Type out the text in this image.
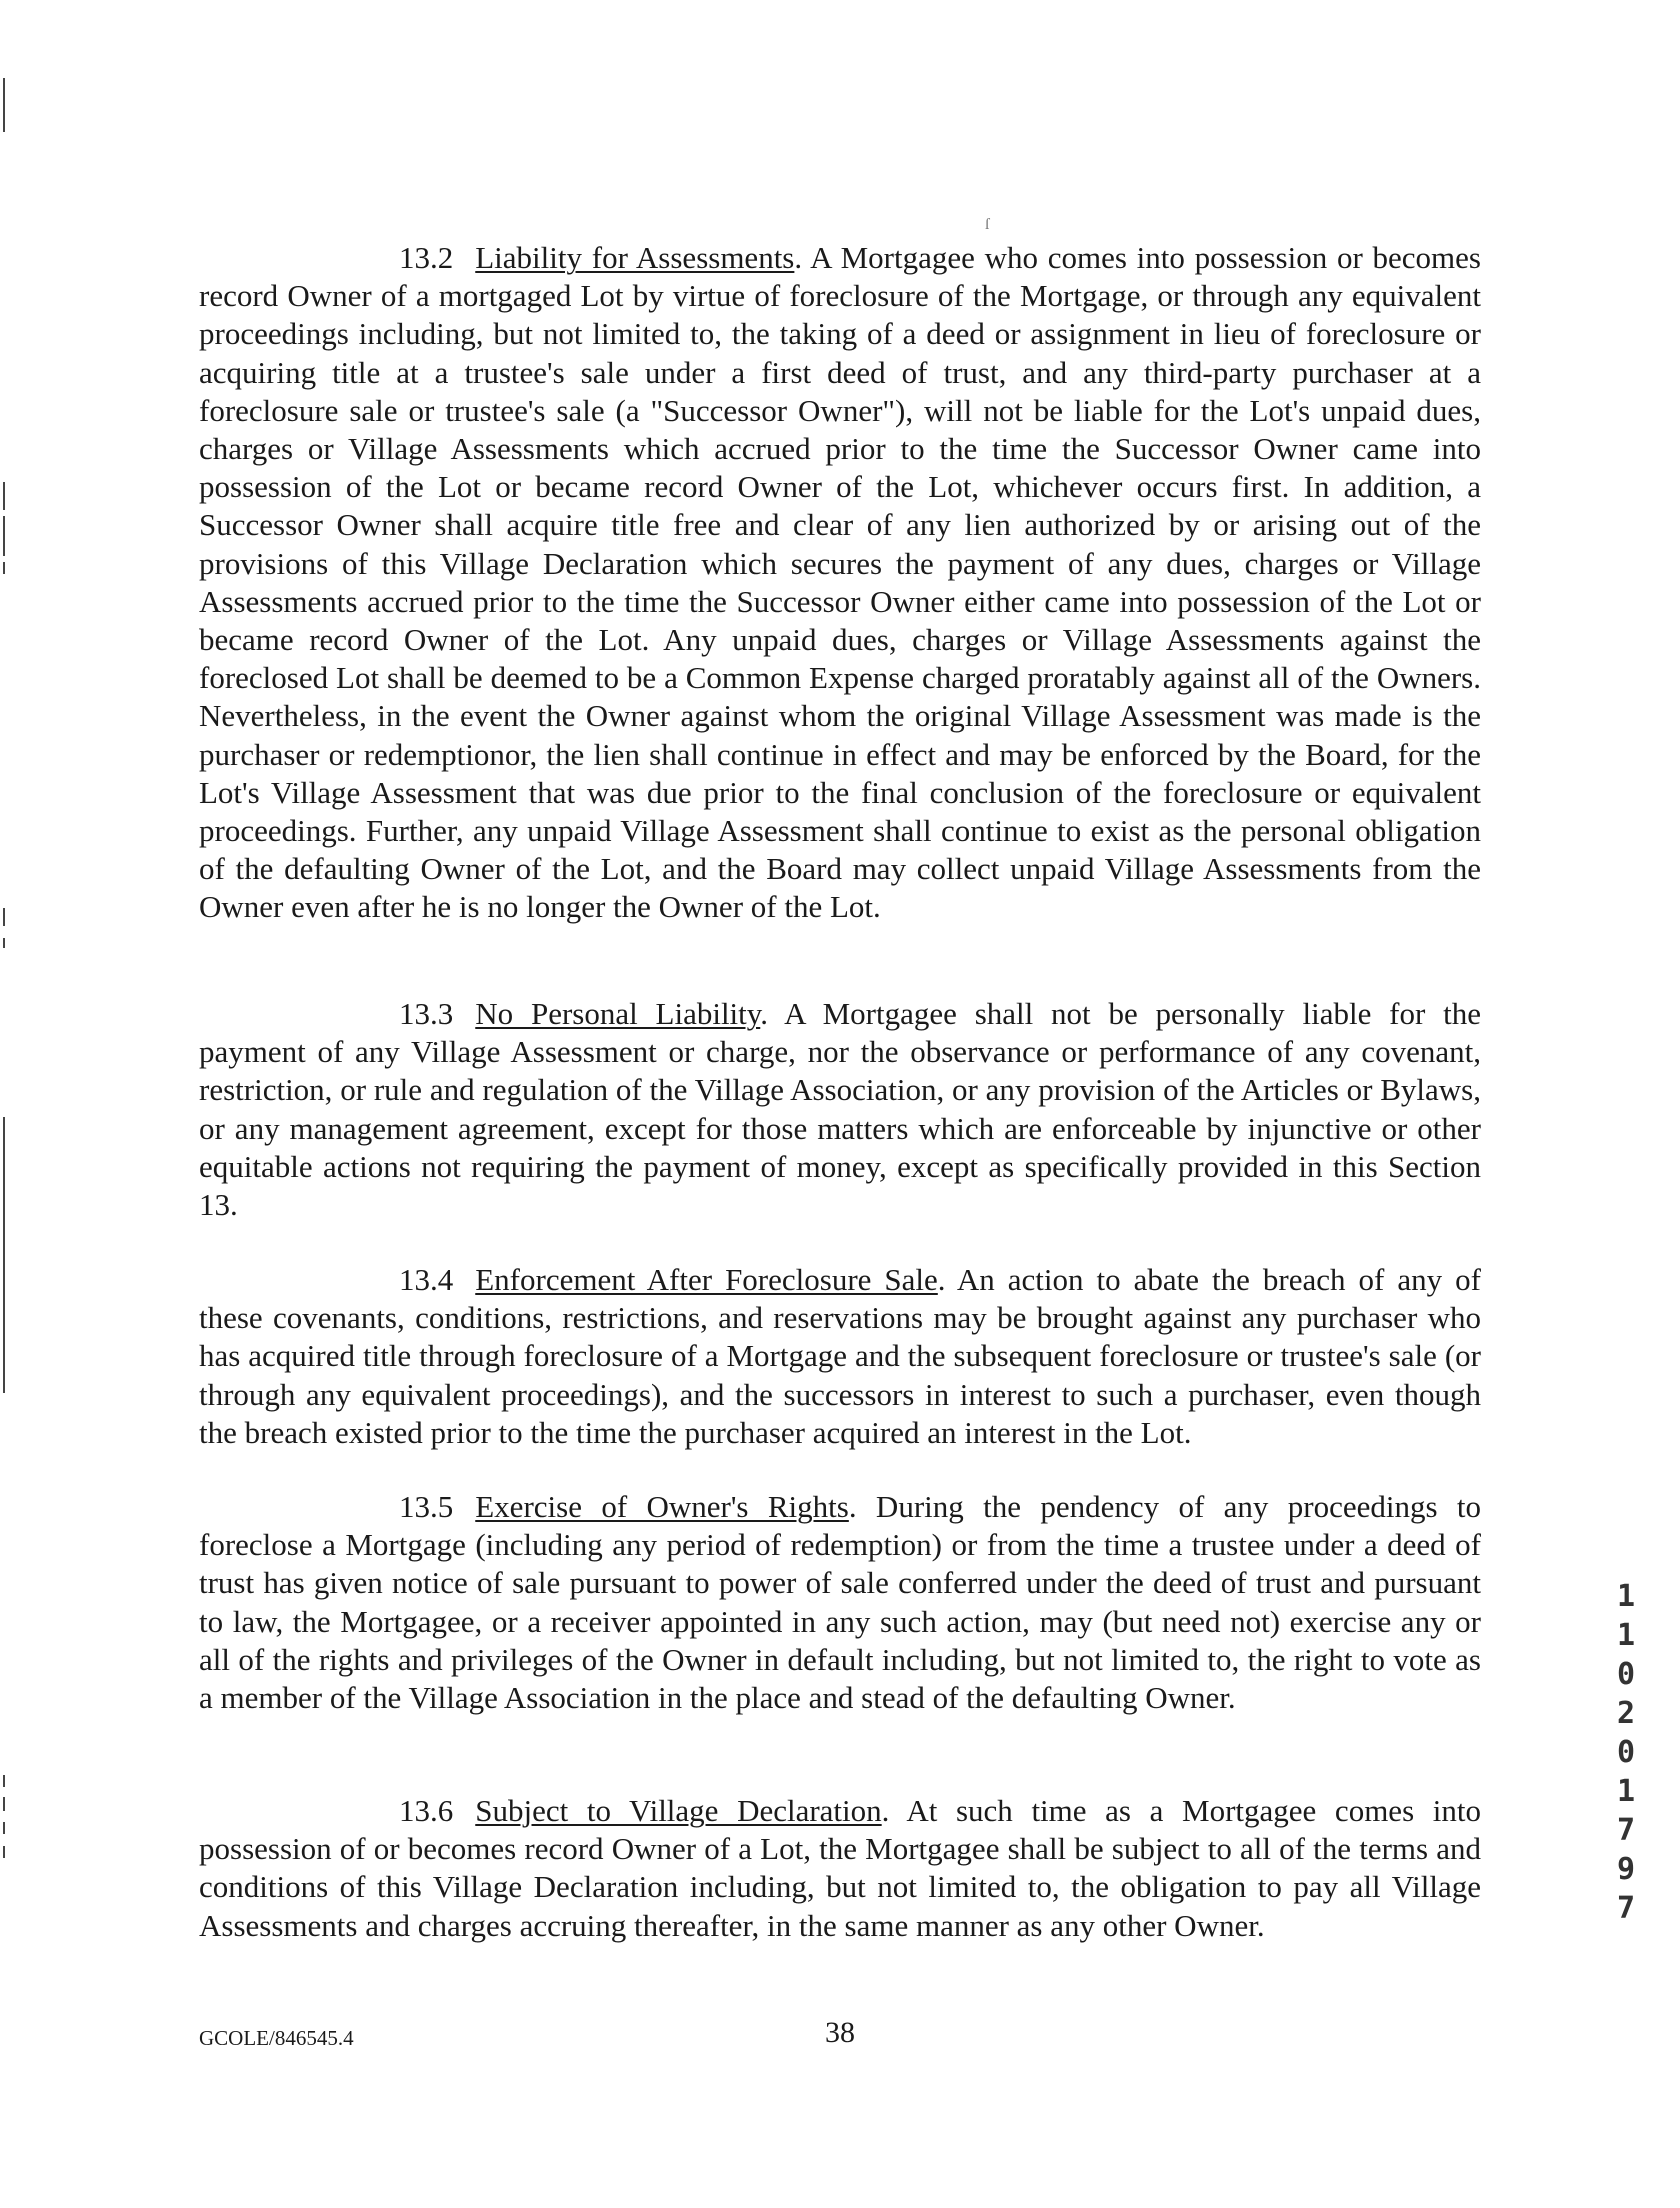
ſ

13.2 Liability for Assessments. A Mortgagee who comes into possession or becomes record Owner of a mortgaged Lot by virtue of foreclosure of the Mortgage, or through any equivalent proceedings including, but not limited to, the taking of a deed or assignment in lieu of foreclosure or acquiring title at a trustee's sale under a first deed of trust, and any third-party purchaser at a foreclosure sale or trustee's sale (a "Successor Owner"), will not be liable for the Lot's unpaid dues, charges or Village Assessments which accrued prior to the time the Successor Owner came into possession of the Lot or became record Owner of the Lot, whichever occurs first. In addition, a Successor Owner shall acquire title free and clear of any lien authorized by or arising out of the provisions of this Village Declaration which secures the payment of any dues, charges or Village Assessments accrued prior to the time the Successor Owner either came into possession of the Lot or became record Owner of the Lot. Any unpaid dues, charges or Village Assessments against the foreclosed Lot shall be deemed to be a Common Expense charged proratably against all of the Owners. Nevertheless, in the event the Owner against whom the original Village Assessment was made is the purchaser or redemptionor, the lien shall continue in effect and may be enforced by the Board, for the Lot's Village Assessment that was due prior to the final conclusion of the foreclosure or equivalent proceedings. Further, any unpaid Village Assessment shall continue to exist as the personal obligation of the defaulting Owner of the Lot, and the Board may collect unpaid Village Assessments from the Owner even after he is no longer the Owner of the Lot.

13.3 No Personal Liability. A Mortgagee shall not be personally liable for the payment of any Village Assessment or charge, nor the observance or performance of any covenant, restriction, or rule and regulation of the Village Association, or any provision of the Articles or Bylaws, or any management agreement, except for those matters which are enforceable by injunctive or other equitable actions not requiring the payment of money, except as specifically provided in this Section 13.

13.4 Enforcement After Foreclosure Sale. An action to abate the breach of any of these covenants, conditions, restrictions, and reservations may be brought against any purchaser who has acquired title through foreclosure of a Mortgage and the subsequent foreclosure or trustee's sale (or through any equivalent proceedings), and the successors in interest to such a purchaser, even though the breach existed prior to the time the purchaser acquired an interest in the Lot.

13.5 Exercise of Owner's Rights. During the pendency of any proceedings to foreclose a Mortgage (including any period of redemption) or from the time a trustee under a deed of trust has given notice of sale pursuant to power of sale conferred under the deed of trust and pursuant to law, the Mortgagee, or a receiver appointed in any such action, may (but need not) exercise any or all of the rights and privileges of the Owner in default including, but not limited to, the right to vote as a member of the Village Association in the place and stead of the defaulting Owner.

13.6 Subject to Village Declaration. At such time as a Mortgagee comes into possession of or becomes record Owner of a Lot, the Mortgagee shall be subject to all of the terms and conditions of this Village Declaration including, but not limited to, the obligation to pay all Village Assessments and charges accruing thereafter, in the same manner as any other Owner.

1
1
0
2
0
1
7
9
7
GCOLE/846545.4	38
